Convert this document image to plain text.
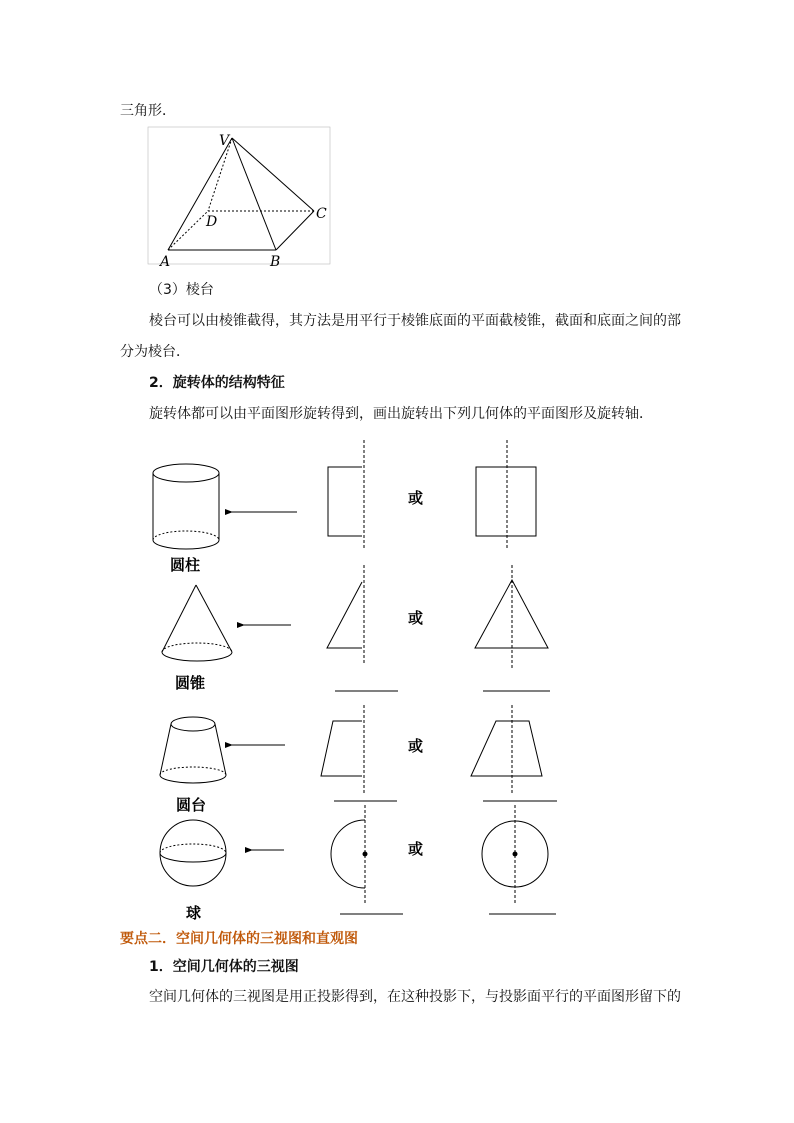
三角形．
（3）棱台
棱台可以由棱锥截得，其方法是用平行于棱锥底面的平面截棱锥，截面和底面之间的部
分为棱台．
2．旋转体的结构特征
旋转体都可以由平面图形旋转得到，画出旋转出下列几何体的平面图形及旋转轴．
要点二．空间几何体的三视图和直观图
1．空间几何体的三视图
空间几何体的三视图是用正投影得到，在这种投影下，与投影面平行的平面图形留下的
V
D	C
A	B
圆柱
或
圆锥
或
圆台
或
球
或
